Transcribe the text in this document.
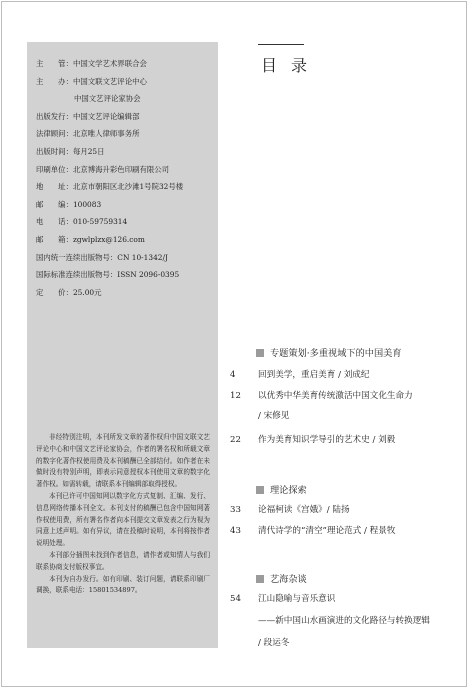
主　　管：中国文学艺术界联合会
主　　办：中国文联文艺评论中心
中国文艺评论家协会
出版发行：中国文艺评论编辑部
法律顾问：北京唯人律师事务所
出版时间：每月25日
印刷单位：北京博海升彩色印刷有限公司
地　　址：北京市朝阳区北沙滩1号院32号楼
邮　　编：100083
电　　话：010-59759314
邮　　箱：zgwlplzx@126.com
国内统一连续出版物号：CN 10-1342/J
国际标准连续出版物号：ISSN 2096-0395
定　　价：25.00元

非经特别注明，本刊所发文章的著作权归中国文联文艺评论中心和中国文艺评论家协会，作者的署名权和所载文章的数字化著作权使用费及本刊稿酬已全部结付。如作者在未做时没有特别声明，即表示同意授权本刊使用文章的数字化著作权。如需转载，请联系本刊编辑部取得授权。

本刊已许可中国知网以数字化方式复制、汇编、发行、信息网络传播本刊全文。本刊支付的稿酬已包含中国知网著作权使用费，所有署名作者向本刊提交文章发表之行为视为同意上述声明。如有异议，请在投稿时说明，本刊将按作者说明处理。

本刊部分插图未找到作者信息，请作者或知情人与我们联系协商支付版权事宜。

本刊为自办发行。如有印刷、装订问题，请联系印刷厂调换，联系电话：15801534897。

目录
专题策划·多重视域下的中国美育
4	回到美学，重启美育 / 刘成纪
12 以优秀中华美育传统激活中国文化生命力
/ 宋修见
22 作为美育知识学导引的艺术史 / 刘毅
理论探索
33 论福柯读《宫娥》/ 陆扬
43 清代诗学的“清空”理论范式 / 程景牧
艺海杂谈
54 江山隐喻与音乐意识
——新中国山水画演进的文化路径与转换逻辑
/ 段运冬
